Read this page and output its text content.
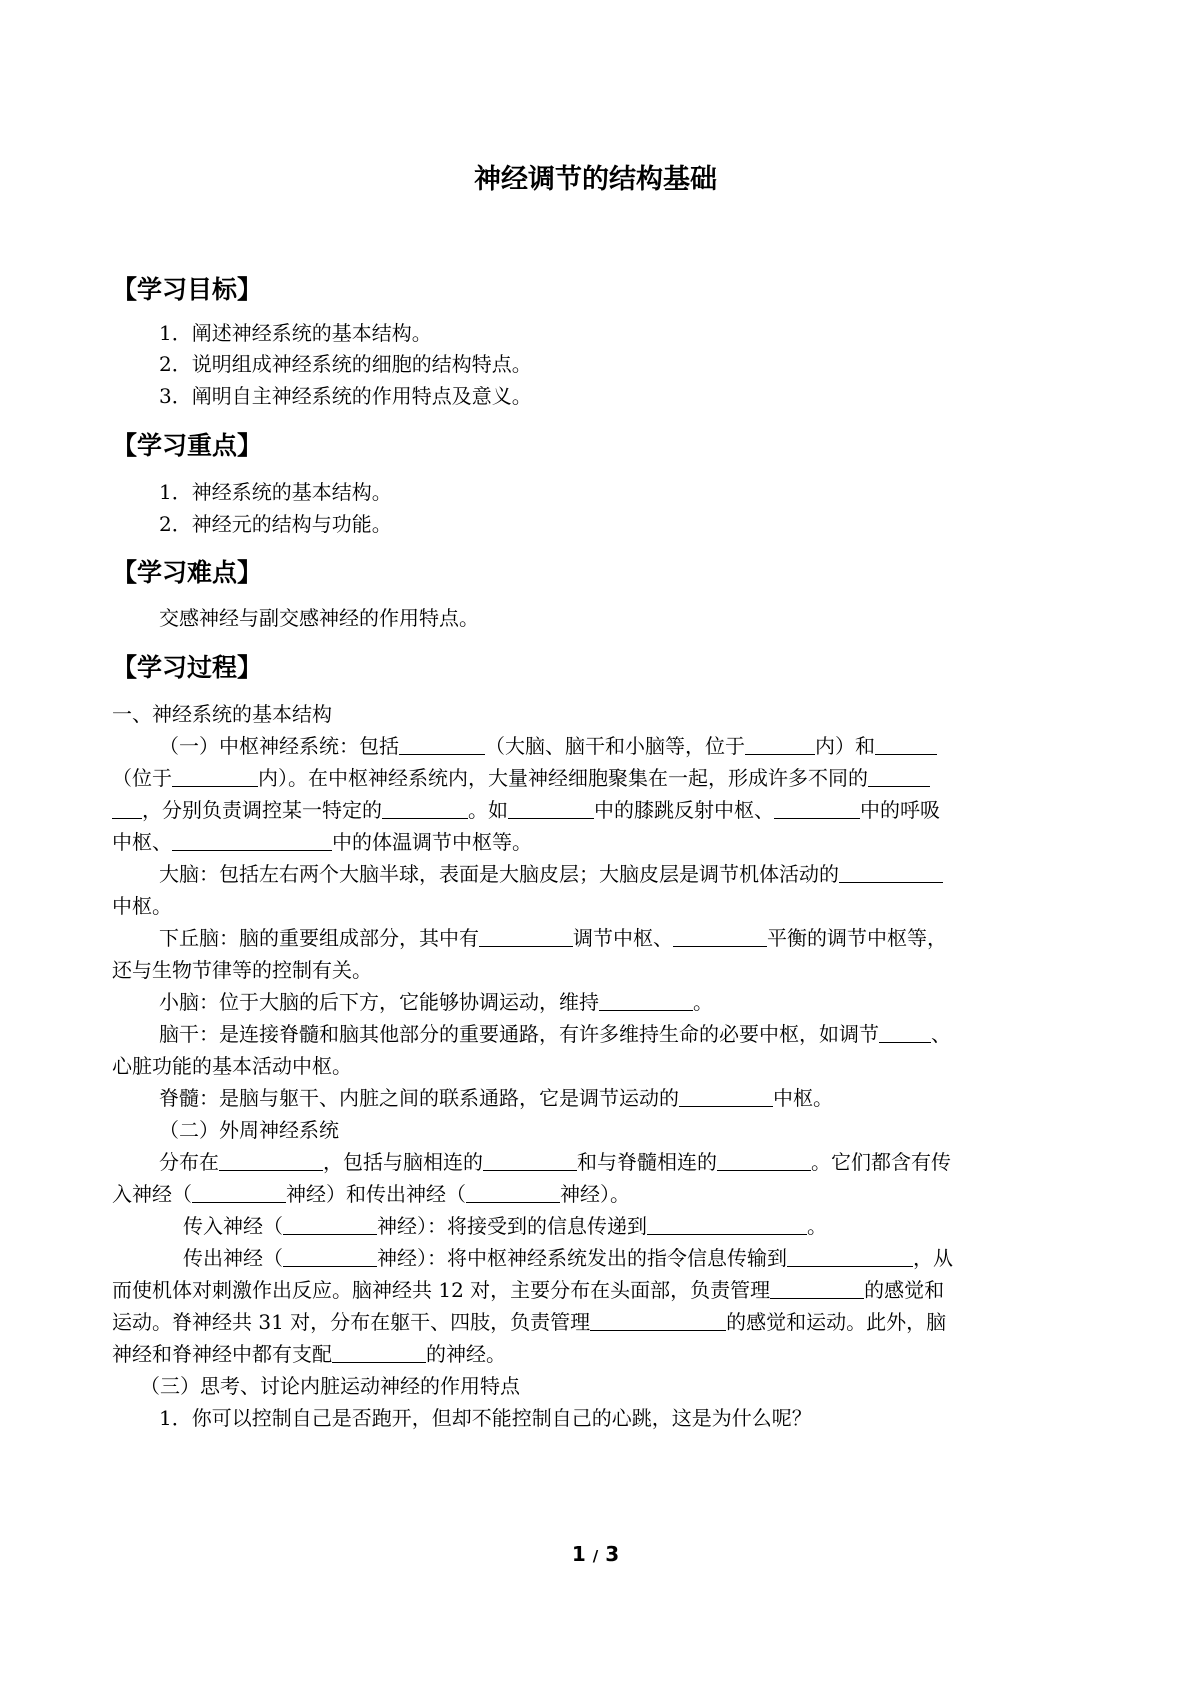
神经调节的结构基础
【学习目标】
1．阐述神经系统的基本结构。
2．说明组成神经系统的细胞的结构特点。
3．阐明自主神经系统的作用特点及意义。
【学习重点】
1．神经系统的基本结构。
2．神经元的结构与功能。
【学习难点】
交感神经与副交感神经的作用特点。
【学习过程】
一、神经系统的基本结构
（一）中枢神经系统：包括	（大脑、脑干和小脑等，位于	内）和
（位于	内）。在中枢神经系统内，大量神经细胞聚集在一起，形成许多不同的
，分别负责调控某一特定的	。如	中的膝跳反射中枢、	中的呼吸
中枢、	中的体温调节中枢等。
大脑：包括左右两个大脑半球，表面是大脑皮层；大脑皮层是调节机体活动的
中枢。
下丘脑：脑的重要组成部分，其中有	调节中枢、	平衡的调节中枢等，
还与生物节律等的控制有关。
小脑：位于大脑的后下方，它能够协调运动，维持	。
脑干：是连接脊髓和脑其他部分的重要通路，有许多维持生命的必要中枢，如调节	、
心脏功能的基本活动中枢。
脊髓：是脑与躯干、内脏之间的联系通路，它是调节运动的	中枢。
（二）外周神经系统
分布在	，包括与脑相连的	和与脊髓相连的	。它们都含有传
入神经（	神经）和传出神经（	神经）。
传入神经（	神经）：将接受到的信息传递到	。
传出神经（	神经）：将中枢神经系统发出的指令信息传输到	，从
而使机体对刺激作出反应。脑神经共 12 对，主要分布在头面部，负责管理	的感觉和
运动。脊神经共 31 对，分布在躯干、四肢，负责管理	的感觉和运动。此外，脑
神经和脊神经中都有支配	的神经。
（三）思考、讨论内脏运动神经的作用特点
1．你可以控制自己是否跑开，但却不能控制自己的心跳，这是为什么呢？
1 / 3
